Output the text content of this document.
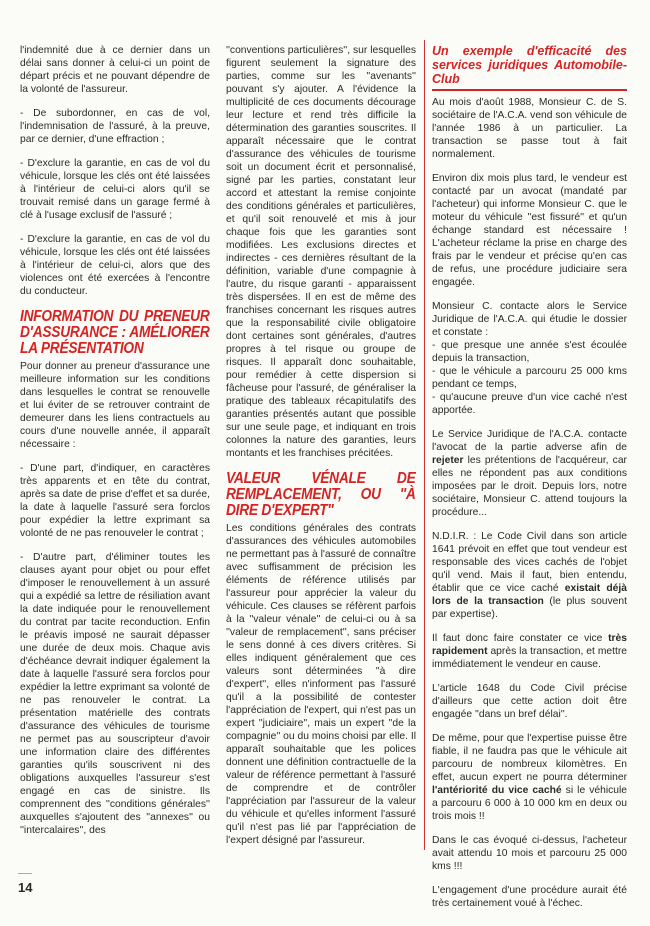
l'indemnité due à ce dernier dans un délai sans donner à celui-ci un point de départ précis et ne pouvant dépendre de la volonté de l'assureur.

- De subordonner, en cas de vol, l'indemnisation de l'assuré, à la preuve, par ce dernier, d'une effraction ;

- D'exclure la garantie, en cas de vol du véhicule, lorsque les clés ont été laissées à l'intérieur de celui-ci alors qu'il se trouvait remisé dans un garage fermé à clé à l'usage exclusif de l'assuré ;

- D'exclure la garantie, en cas de vol du véhicule, lorsque les clés ont été laissées à l'intérieur de celui-ci, alors que des violences ont été exercées à l'encontre du conducteur.

INFORMATION DU PRENEUR D'ASSURANCE : AMÉLIORER LA PRÉSENTATION

Pour donner au preneur d'assurance une meilleure information sur les conditions dans lesquelles le contrat se renouvelle et lui éviter de se retrouver contraint de demeurer dans les liens contractuels au cours d'une nouvelle année, il apparaît nécessaire :

- D'une part, d'indiquer, en caractères très apparents et en tête du contrat, après sa date de prise d'effet et sa durée, la date à laquelle l'assuré sera forclos pour expédier la lettre exprimant sa volonté de ne pas renouveler le contrat ;

- D'autre part, d'éliminer toutes les clauses ayant pour objet ou pour effet d'imposer le renouvellement à un assuré qui a expédié sa lettre de résiliation avant la date indiquée pour le renouvellement du contrat par tacite reconduction. Enfin le préavis imposé ne saurait dépasser une durée de deux mois. Chaque avis d'échéance devrait indiquer également la date à laquelle l'assuré sera forclos pour expédier la lettre exprimant sa volonté de ne pas renouveler le contrat. La présentation matérielle des contrats d'assurance des véhicules de tourisme ne permet pas au souscripteur d'avoir une information claire des différentes garanties qu'ils souscrivent ni des obligations auxquelles l'assureur s'est engagé en cas de sinistre. Ils comprennent des ''conditions générales'' auxquelles s'ajoutent des ''annexes'' ou ''intercalaires'', des

''conventions particulières'', sur lesquelles figurent seulement la signature des parties, comme sur les ''avenants'' pouvant s'y ajouter. A l'évidence la multiplicité de ces documents décourage leur lecture et rend très difficile la détermination des garanties souscrites. Il apparaît nécessaire que le contrat d'assurance des véhicules de tourisme soit un document écrit et personnalisé, signé par les parties, constatant leur accord et attestant la remise conjointe des conditions générales et particulières, et qu'il soit renouvelé et mis à jour chaque fois que les garanties sont modifiées. Les exclusions directes et indirectes - ces dernières résultant de la définition, variable d'une compagnie à l'autre, du risque garanti - apparaissent très dispersées. Il en est de même des franchises concernant les risques autres que la responsabilité civile obligatoire dont certaines sont générales, d'autres propres à tel risque ou groupe de risques. Il apparaît donc souhaitable, pour remédier à cette dispersion si fâcheuse pour l'assuré, de généraliser la pratique des tableaux récapitulatifs des garanties présentés autant que possible sur une seule page, et indiquant en trois colonnes la nature des garanties, leurs montants et les franchises précitées.

VALEUR VÉNALE DE REMPLACEMENT, OU ''À DIRE D'EXPERT''

Les conditions générales des contrats d'assurances des véhicules automobiles ne permettant pas à l'assuré de connaître avec suffisamment de précision les éléments de référence utilisés par l'assureur pour apprécier la valeur du véhicule. Ces clauses se réfèrent parfois à la ''valeur vénale'' de celui-ci ou à sa ''valeur de remplacement'', sans préciser le sens donné à ces divers critères. Si elles indiquent généralement que ces valeurs sont déterminées ''à dire d'expert'', elles n'informent pas l'assuré qu'il a la possibilité de contester l'appréciation de l'expert, qui n'est pas un expert ''judiciaire'', mais un expert ''de la compagnie'' ou du moins choisi par elle. Il apparaît souhaitable que les polices donnent une définition contractuelle de la valeur de référence permettant à l'assuré de comprendre et de contrôler l'appréciation par l'assureur de la valeur du véhicule et qu'elles informent l'assuré qu'il n'est pas lié par l'appréciation de l'expert désigné par l'assureur.

Un exemple d'efficacité des services juridiques Automobile-Club

Au mois d'août 1988, Monsieur C. de S. sociétaire de l'A.C.A. vend son véhicule de l'année 1986 à un particulier. La transaction se passe tout à fait normalement.

Environ dix mois plus tard, le vendeur est contacté par un avocat (mandaté par l'acheteur) qui informe Monsieur C. que le moteur du véhicule ''est fissuré'' et qu'un échange standard est nécessaire ! L'acheteur réclame la prise en charge des frais par le vendeur et précise qu'en cas de refus, une procédure judiciaire sera engagée.

Monsieur C. contacte alors le Service Juridique de l'A.C.A. qui étudie le dossier et constate :
- que presque une année s'est écoulée depuis la transaction,
- que le véhicule a parcouru 25 000 kms pendant ce temps,
- qu'aucune preuve d'un vice caché n'est apportée.

Le Service Juridique de l'A.C.A. contacte l'avocat de la partie adverse afin de rejeter les prétentions de l'acquéreur, car elles ne répondent pas aux conditions imposées par le droit. Depuis lors, notre sociétaire, Monsieur C. attend toujours la procédure...

N.D.I.R. : Le Code Civil dans son article 1641 prévoit en effet que tout vendeur est responsable des vices cachés de l'objet qu'il vend. Mais il faut, bien entendu, établir que ce vice caché existait déjà lors de la transaction (le plus souvent par expertise).

Il faut donc faire constater ce vice très rapidement après la transaction, et mettre immédiatement le vendeur en cause.

L'article 1648 du Code Civil précise d'ailleurs que cette action doit être engagée ''dans un bref délai''.

De même, pour que l'expertise puisse être fiable, il ne faudra pas que le véhicule ait parcouru de nombreux kilomètres. En effet, aucun expert ne pourra déterminer l'antériorité du vice caché si le véhicule a parcouru 6 000 à 10 000 km en deux ou trois mois !!

Dans le cas évoqué ci-dessus, l'acheteur avait attendu 10 mois et parcouru 25 000 kms !!!

L'engagement d'une procédure aurait été très certainement voué à l'échec.

14
